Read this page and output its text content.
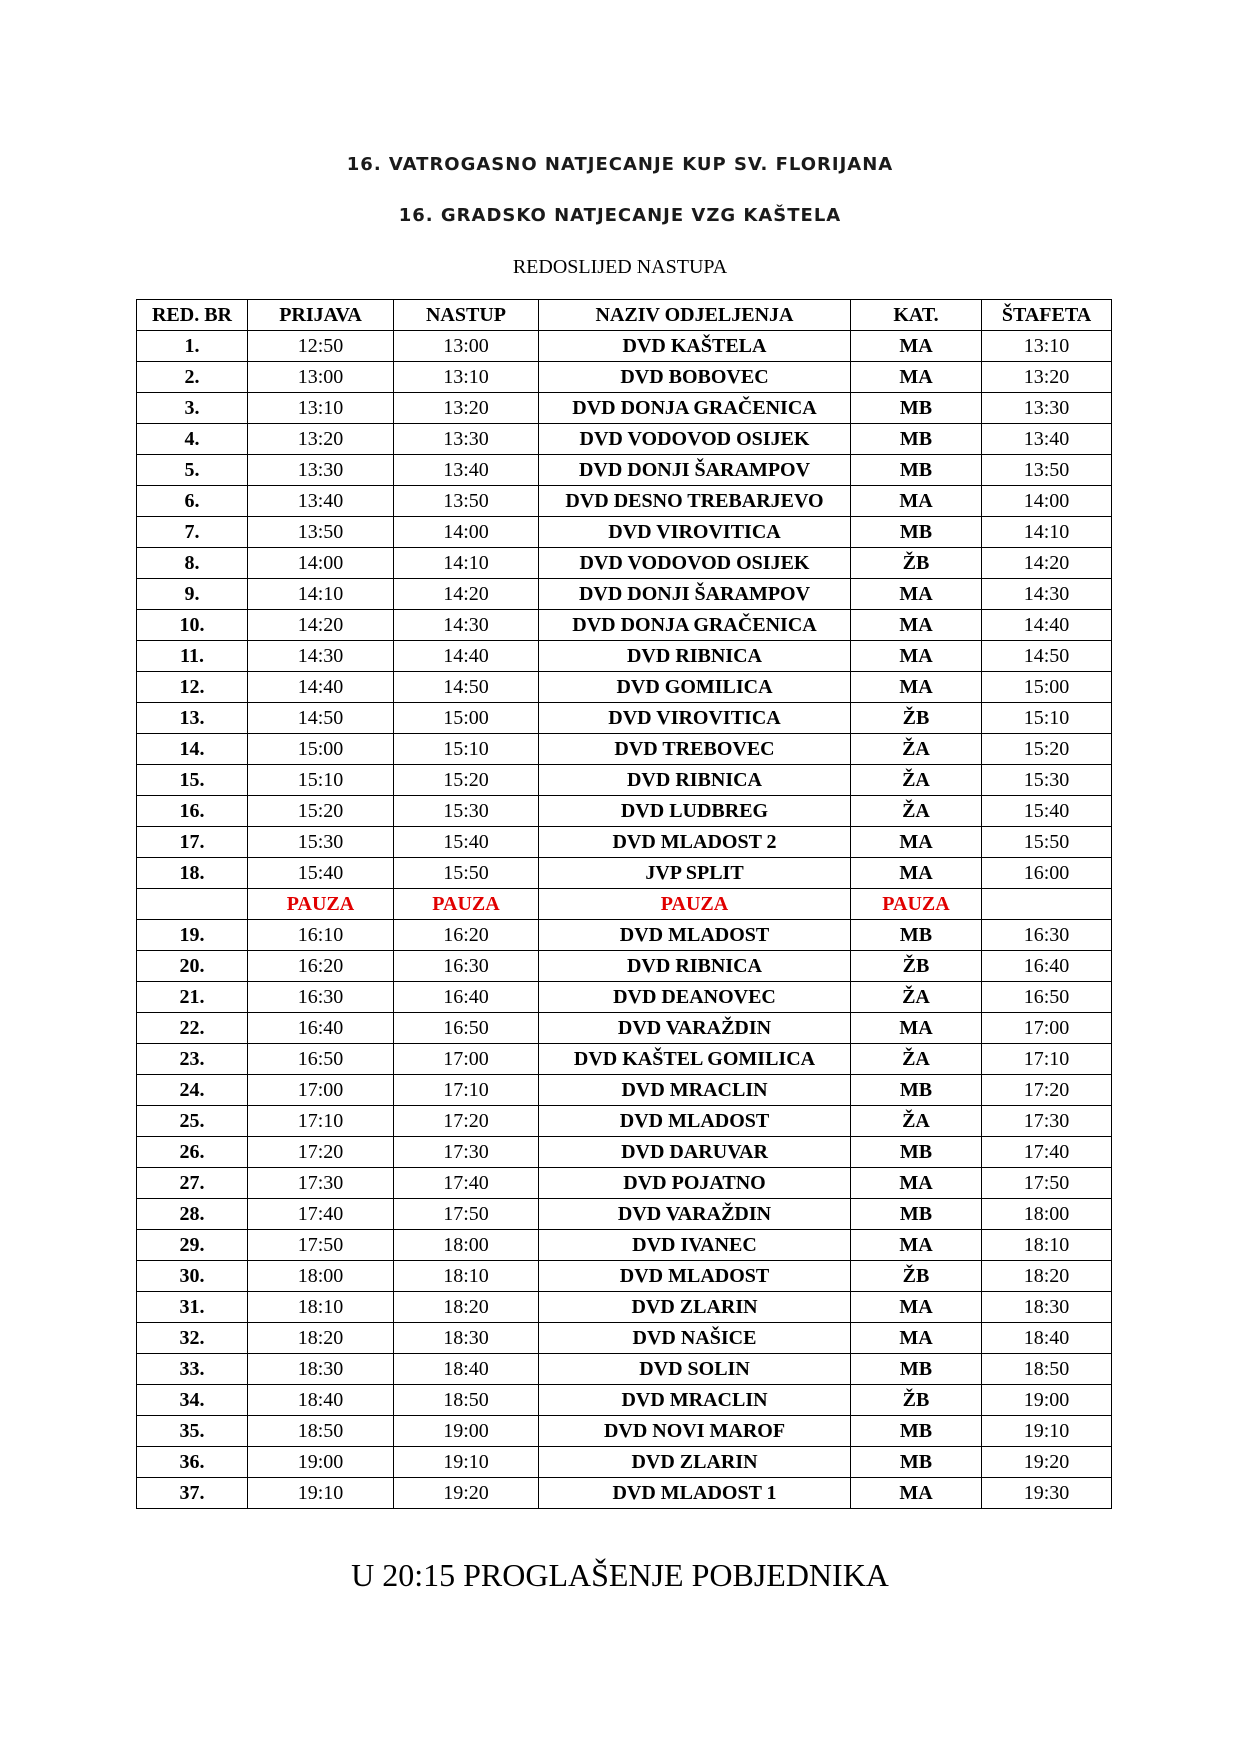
16. VATROGASNO NATJECANJE KUP SV. FLORIJANA
16. GRADSKO NATJECANJE VZG KAŠTELA
REDOSLIJED NASTUPA
RED. BR	PRIJAVA	NASTUP	NAZIV ODJELJENJA	KAT.	ŠTAFETA
1.	12:50	13:00	DVD KAŠTELA	MA	13:10
2.	13:00	13:10	DVD BOBOVEC	MA	13:20
3.	13:10	13:20	DVD DONJA GRAČENICA	MB	13:30
4.	13:20	13:30	DVD VODOVOD OSIJEK	MB	13:40
5.	13:30	13:40	DVD DONJI ŠARAMPOV	MB	13:50
6.	13:40	13:50	DVD DESNO TREBARJEVO	MA	14:00
7.	13:50	14:00	DVD VIROVITICA	MB	14:10
8.	14:00	14:10	DVD VODOVOD OSIJEK	ŽB	14:20
9.	14:10	14:20	DVD DONJI ŠARAMPOV	MA	14:30
10.	14:20	14:30	DVD DONJA GRAČENICA	MA	14:40
11.	14:30	14:40	DVD RIBNICA	MA	14:50
12.	14:40	14:50	DVD GOMILICA	MA	15:00
13.	14:50	15:00	DVD VIROVITICA	ŽB	15:10
14.	15:00	15:10	DVD TREBOVEC	ŽA	15:20
15.	15:10	15:20	DVD RIBNICA	ŽA	15:30
16.	15:20	15:30	DVD LUDBREG	ŽA	15:40
17.	15:30	15:40	DVD MLADOST 2	MA	15:50
18.	15:40	15:50	JVP SPLIT	MA	16:00
	PAUZA	PAUZA	PAUZA	PAUZA	
19.	16:10	16:20	DVD MLADOST	MB	16:30
20.	16:20	16:30	DVD RIBNICA	ŽB	16:40
21.	16:30	16:40	DVD DEANOVEC	ŽA	16:50
22.	16:40	16:50	DVD VARAŽDIN	MA	17:00
23.	16:50	17:00	DVD KAŠTEL GOMILICA	ŽA	17:10
24.	17:00	17:10	DVD MRACLIN	MB	17:20
25.	17:10	17:20	DVD MLADOST	ŽA	17:30
26.	17:20	17:30	DVD DARUVAR	MB	17:40
27.	17:30	17:40	DVD POJATNO	MA	17:50
28.	17:40	17:50	DVD VARAŽDIN	MB	18:00
29.	17:50	18:00	DVD IVANEC	MA	18:10
30.	18:00	18:10	DVD MLADOST	ŽB	18:20
31.	18:10	18:20	DVD ZLARIN	MA	18:30
32.	18:20	18:30	DVD NAŠICE	MA	18:40
33.	18:30	18:40	DVD SOLIN	MB	18:50
34.	18:40	18:50	DVD MRACLIN	ŽB	19:00
35.	18:50	19:00	DVD NOVI MAROF	MB	19:10
36.	19:00	19:10	DVD ZLARIN	MB	19:20
37.	19:10	19:20	DVD MLADOST 1	MA	19:30
U 20:15 PROGLAŠENJE POBJEDNIKA
